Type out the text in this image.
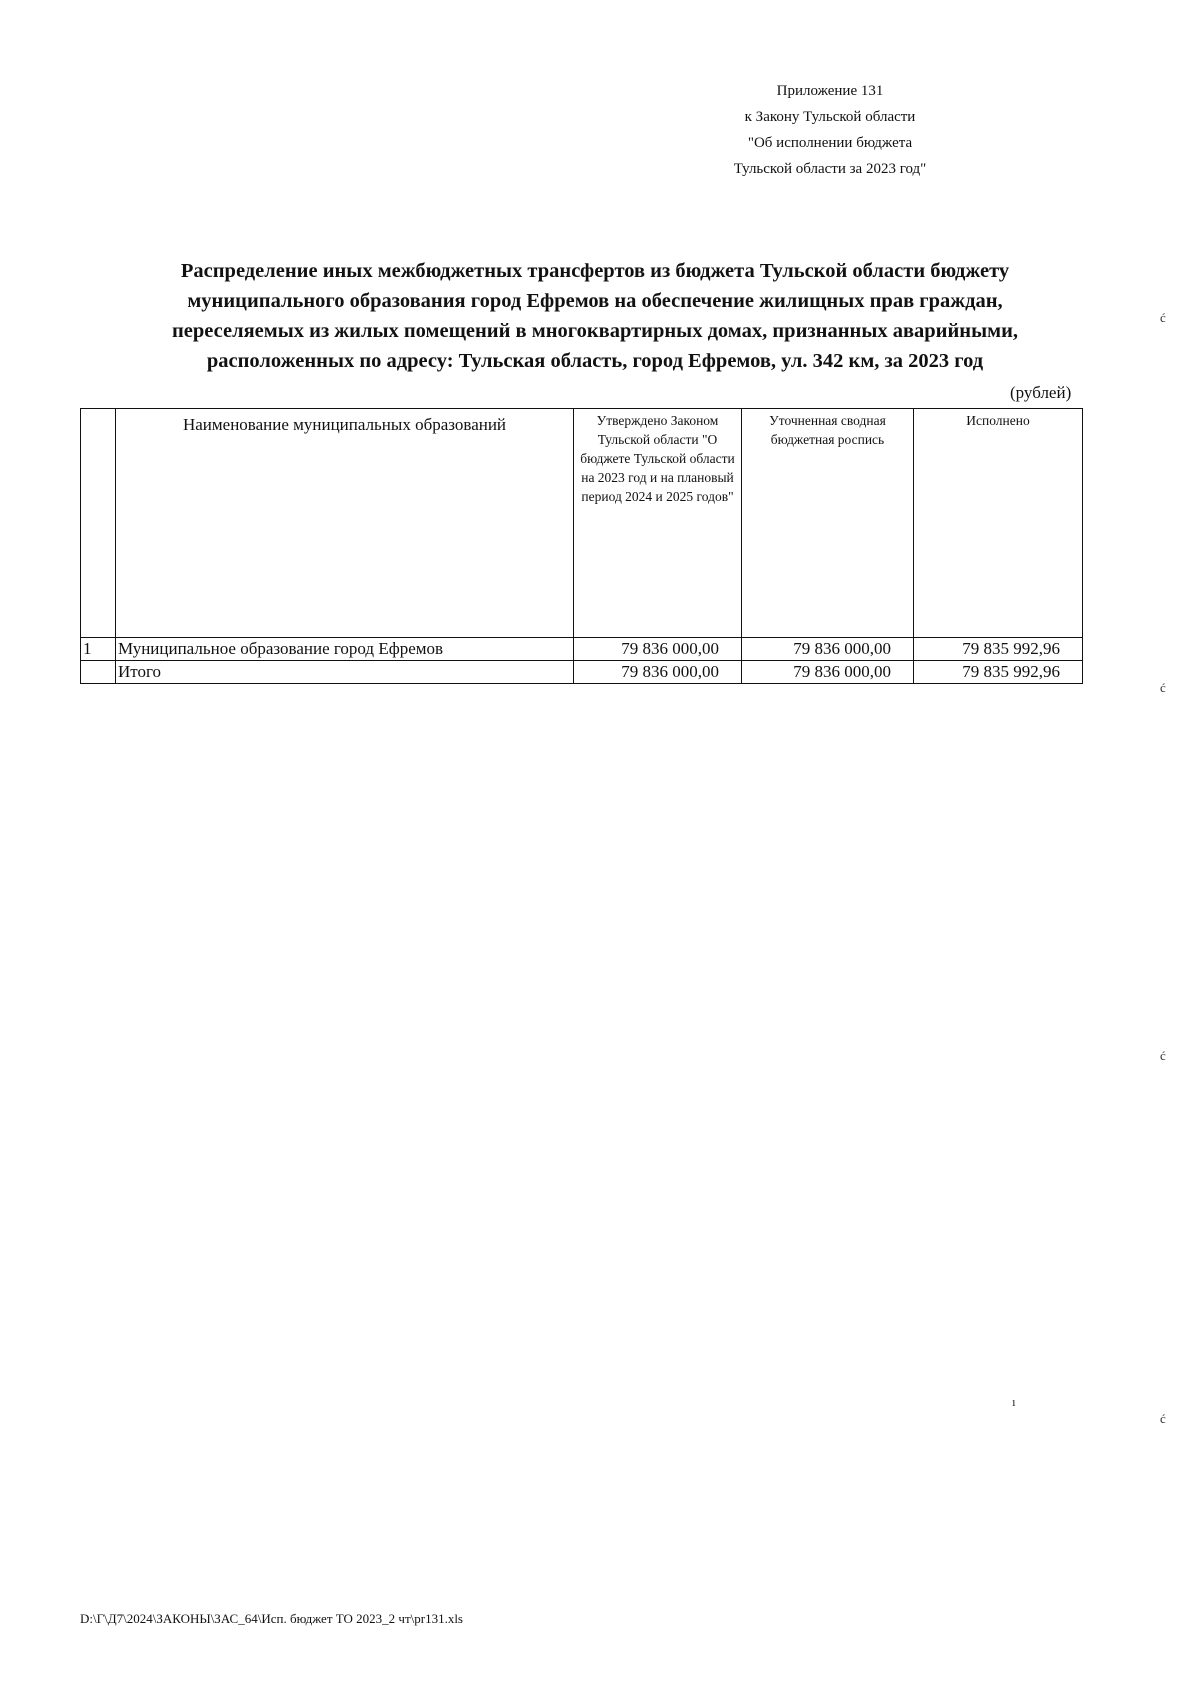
Приложение 131
к Закону Тульской области
"Об исполнении бюджета
Тульской области за 2023 год"
Распределение иных межбюджетных трансфертов из бюджета Тульской области бюджету
муниципального образования город Ефремов на обеспечение жилищных прав граждан,
переселяемых из жилых помещений в многоквартирных домах, признанных аварийными,
расположенных по адресу: Тульская область, город Ефремов, ул. 342 км, за 2023 год
(рублей)
	Наименование муниципальных образований	Утверждено Законом Тульской области "О бюджете Тульской области на 2023 год и на плановый период 2024 и 2025 годов"	Уточненная сводная бюджетная роспись	Исполнено
1	Муниципальное образование город Ефремов	79 836 000,00	79 836 000,00	79 835 992,96
	Итого	79 836 000,00	79 836 000,00	79 835 992,96
D:\Г\Д7\2024\ЗАКОНЫ\ЗАС_64\Исп. бюджет ТО 2023_2 чт\pr131.xls
ć
ć
ć
ı
ć
